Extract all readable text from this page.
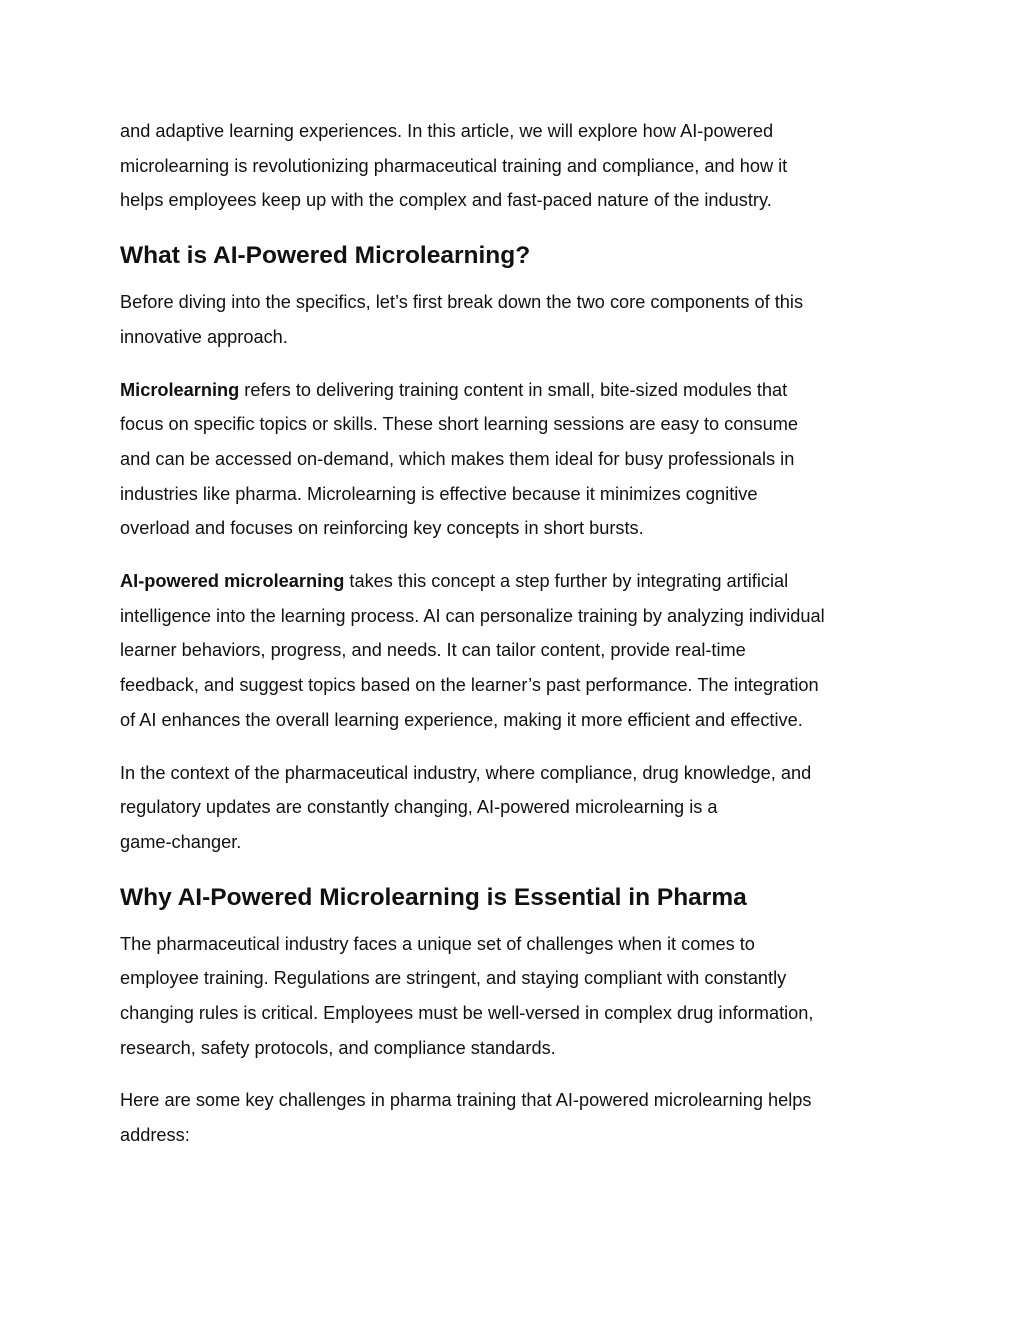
and adaptive learning experiences. In this article, we will explore how AI-powered
microlearning is revolutionizing pharmaceutical training and compliance, and how it
helps employees keep up with the complex and fast-paced nature of the industry.

What is AI-Powered Microlearning?

Before diving into the specifics, let’s first break down the two core components of this
innovative approach.

Microlearning refers to delivering training content in small, bite-sized modules that
focus on specific topics or skills. These short learning sessions are easy to consume
and can be accessed on-demand, which makes them ideal for busy professionals in
industries like pharma. Microlearning is effective because it minimizes cognitive
overload and focuses on reinforcing key concepts in short bursts.

AI-powered microlearning takes this concept a step further by integrating artificial
intelligence into the learning process. AI can personalize training by analyzing individual
learner behaviors, progress, and needs. It can tailor content, provide real-time
feedback, and suggest topics based on the learner’s past performance. The integration
of AI enhances the overall learning experience, making it more efficient and effective.

In the context of the pharmaceutical industry, where compliance, drug knowledge, and
regulatory updates are constantly changing, AI-powered microlearning is a
game-changer.

Why AI-Powered Microlearning is Essential in Pharma

The pharmaceutical industry faces a unique set of challenges when it comes to
employee training. Regulations are stringent, and staying compliant with constantly
changing rules is critical. Employees must be well-versed in complex drug information,
research, safety protocols, and compliance standards.

Here are some key challenges in pharma training that AI-powered microlearning helps
address:
